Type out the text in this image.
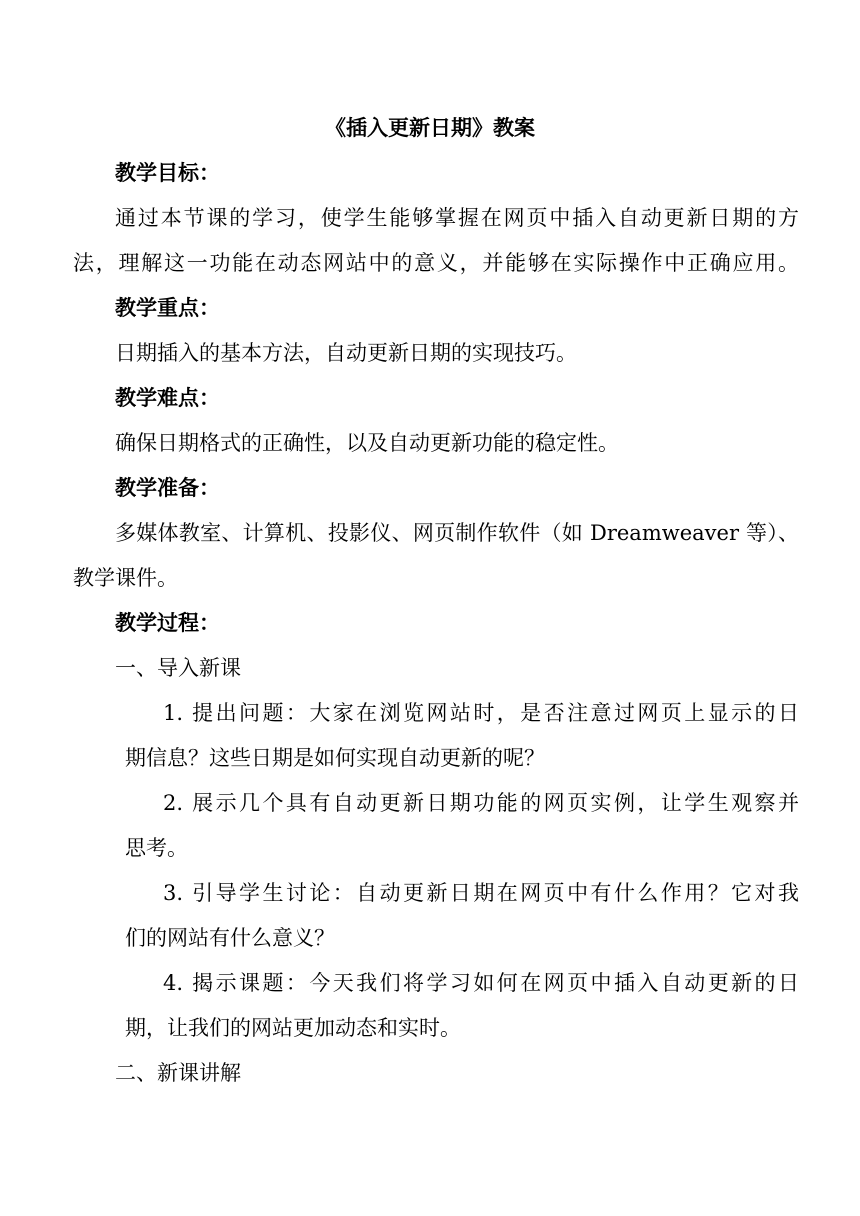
《插入更新日期》教案
教学目标：
通过本节课的学习，使学生能够掌握在网页中插入自动更新日期的方
法，理解这一功能在动态网站中的意义，并能够在实际操作中正确应用。
教学重点：
日期插入的基本方法，自动更新日期的实现技巧。
教学难点：
确保日期格式的正确性，以及自动更新功能的稳定性。
教学准备：
多媒体教室、计算机、投影仪、网页制作软件（如 Dreamweaver 等）、
教学课件。
教学过程：
一、导入新课
1. 提出问题：大家在浏览网站时，是否注意过网页上显示的日
期信息？这些日期是如何实现自动更新的呢？
2. 展示几个具有自动更新日期功能的网页实例，让学生观察并
思考。
3. 引导学生讨论：自动更新日期在网页中有什么作用？它对我
们的网站有什么意义？
4. 揭示课题：今天我们将学习如何在网页中插入自动更新的日
期，让我们的网站更加动态和实时。
二、新课讲解
